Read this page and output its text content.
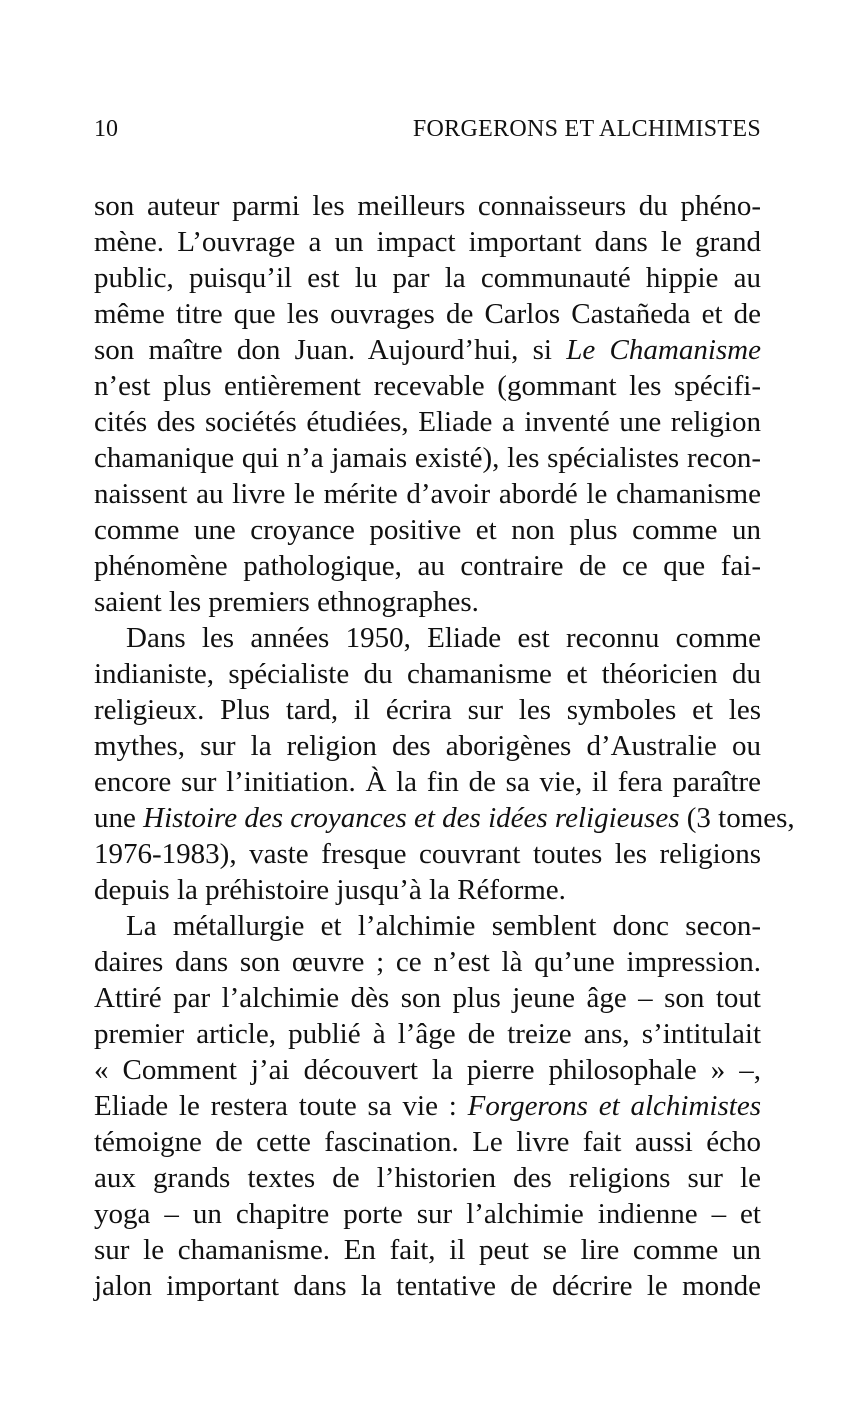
10	FORGERONS ET ALCHIMISTES
son auteur parmi les meilleurs connaisseurs du phéno-
mène. L’ouvrage a un impact important dans le grand
public, puisqu’il est lu par la communauté hippie au
même titre que les ouvrages de Carlos Castañeda et de
son maître don Juan. Aujourd’hui, si Le Chamanisme
n’est plus entièrement recevable (gommant les spécifi-
cités des sociétés étudiées, Eliade a inventé une religion
chamanique qui n’a jamais existé), les spécialistes recon-
naissent au livre le mérite d’avoir abordé le chamanisme
comme une croyance positive et non plus comme un
phénomène pathologique, au contraire de ce que fai-
saient les premiers ethnographes.
Dans les années 1950, Eliade est reconnu comme
indianiste, spécialiste du chamanisme et théoricien du
religieux. Plus tard, il écrira sur les symboles et les
mythes, sur la religion des aborigènes d’Australie ou
encore sur l’initiation. À la fin de sa vie, il fera paraître
une Histoire des croyances et des idées religieuses (3 tomes,
1976-1983), vaste fresque couvrant toutes les religions
depuis la préhistoire jusqu’à la Réforme.
La métallurgie et l’alchimie semblent donc secon-
daires dans son œuvre ; ce n’est là qu’une impression.
Attiré par l’alchimie dès son plus jeune âge – son tout
premier article, publié à l’âge de treize ans, s’intitulait
« Comment j’ai découvert la pierre philosophale » –,
Eliade le restera toute sa vie : Forgerons et alchimistes
témoigne de cette fascination. Le livre fait aussi écho
aux grands textes de l’historien des religions sur le
yoga – un chapitre porte sur l’alchimie indienne – et
sur le chamanisme. En fait, il peut se lire comme un
jalon important dans la tentative de décrire le monde
